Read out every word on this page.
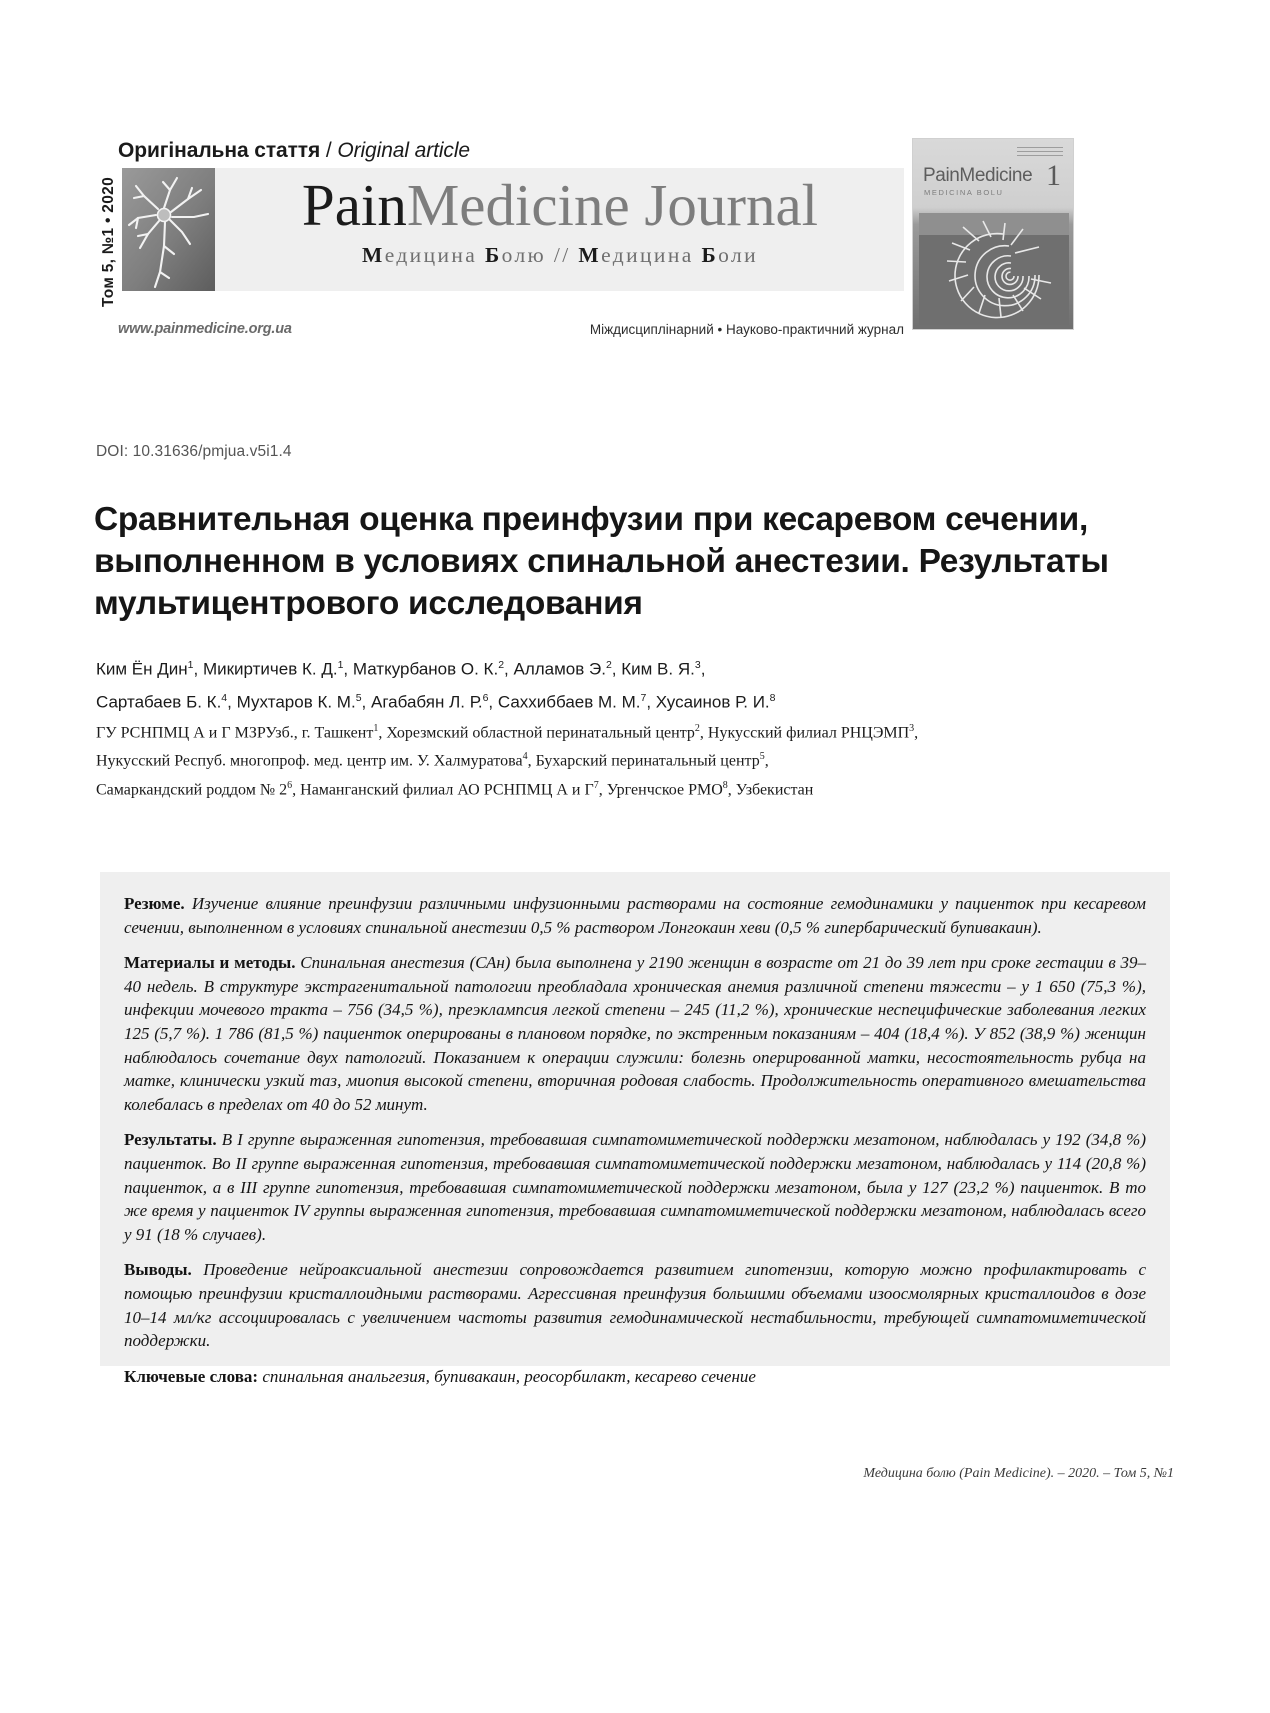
Оригінальна стаття / Original article
Том 5, №1 • 2020	PainMedicine Journal
Медицина Болю // Медицина Боли
www.painmedicine.org.ua	Міждисциплінарний • Науково-практичний журнал
1
PainMedicine
MEDICINA BOLU
DOI: 10.31636/pmjua.v5i1.4
Сравнительная оценка преинфузии при кесаревом сечении, выполненном в условиях спинальной анестезии. Результаты мультицентрового исследования
Ким Ён Дин$^1$, Микиртичев К. Д.$^1$, Маткурбанов О. К.$^2$, Алламов Э.$^2$, Ким В. Я.$^3$,
Сартабаев Б. К.$^4$, Мухтаров К. М.$^5$, Агабабян Л. Р.$^6$, Саххиббаев М. М.$^7$, Хусаинов Р. И.$^8$
ГУ РСНПМЦ А и Г МЗРУзб., г. Ташкент$^1$, Хорезмский областной перинатальный центр$^2$, Нукусский филиал РНЦЭМП$^3$,
Нукусский Респуб. многопроф. мед. центр им. У. Халмуратова$^4$, Бухарский перинатальный центр$^5$,
Самаркандский роддом № $2^6$, Наманганский филиал АО РСНПМЦ А и $Г^7$, Ургенчское РМО$^8$, Узбекистан

Резюме. Изучение влияние преинфузии различными инфузионными растворами на состояние гемодинамики у пациенток при кесаревом сечении, выполненном в условиях спинальной анестезии 0,5 % раствором Лонгокаин хеви (0,5 % гипербарический бупивакаин).

Материалы и методы. Спинальная анестезия (САн) была выполнена у 2190 женщин в возрасте от 21 до 39 лет при сроке гестации в 39–40 недель. В структуре экстрагенитальной патологии преобладала хроническая анемия различной степени тяжести – у 1 650 (75,3 %), инфекции мочевого тракта – 756 (34,5 %), преэклампсия легкой степени – 245 (11,2 %), хронические неспецифические заболевания легких 125 (5,7 %). 1 786 (81,5 %) пациенток оперированы в плановом порядке, по экстренным показаниям – 404 (18,4 %). У 852 (38,9 %) женщин наблюдалось сочетание двух патологий. Показанием к операции служили: болезнь оперированной матки, несостоятельность рубца на матке, клинически узкий таз, миопия высокой степени, вторичная родовая слабость. Продолжительность оперативного вмешательства колебалась в пределах от 40 до 52 минут.

Результаты. В I группе выраженная гипотензия, требовавшая симпатомиметической поддержки мезатоном, наблюдалась у 192 (34,8 %) пациенток. Во II группе выраженная гипотензия, требовавшая симпатомиметической поддержки мезатоном, наблюдалась у 114 (20,8 %) пациенток, а в III группе гипотензия, требовавшая симпатомиметической поддержки мезатоном, была у 127 (23,2 %) пациенток. В то же время у пациенток IV группы выраженная гипотензия, требовавшая симпатомиметической поддержки мезатоном, наблюдалась всего у 91 (18 % случаев).

Выводы. Проведение нейроаксиальной анестезии сопровождается развитием гипотензии, которую можно профилактировать с помощью преинфузии кристаллоидными растворами. Агрессивная преинфузия большими объемами изоосмолярных кристаллоидов в дозе 10–14 мл/кг ассоциировалась с увеличением частоты развития гемодинамической нестабильности, требующей симпатомиметической поддержки.

Ключевые слова: спинальная анальгезия, бупивакаин, реосорбилакт, кесарево сечение

Медицина болю (Pain Medicine). – 2020. – Том 5, №1
